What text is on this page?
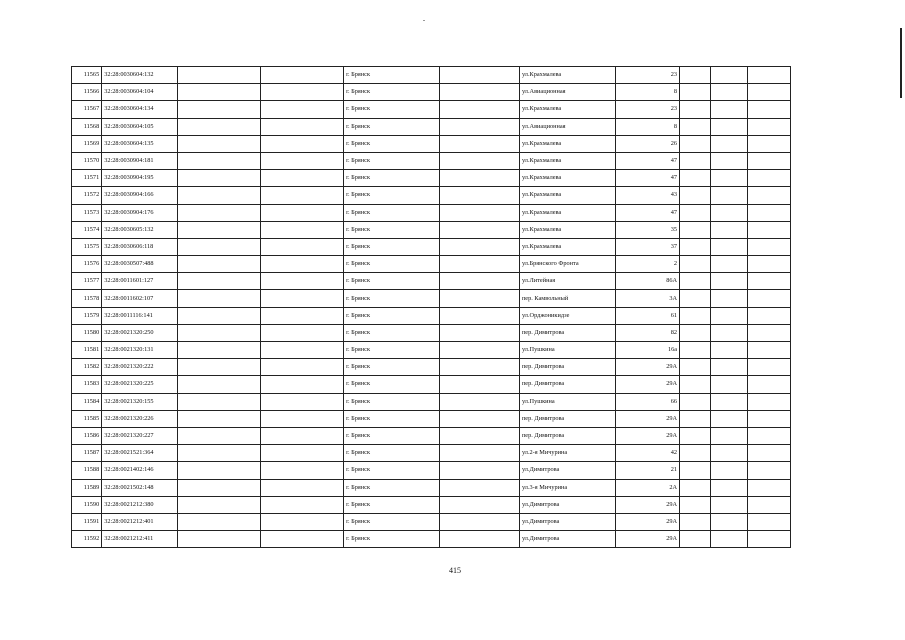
11565	32:28:0030604:132			г. Брянск		ул.Крахмалева	23			
11566	32:28:0030604:104			г. Брянск		ул.Авиационная	8			
11567	32:28:0030604:134			г. Брянск		ул.Крахмалева	23			
11568	32:28:0030604:105			г. Брянск		ул.Авиационная	8			
11569	32:28:0030604:135			г. Брянск		ул.Крахмалева	26			
11570	32:28:0030904:181			г. Брянск		ул.Крахмалева	47			
11571	32:28:0030904:195			г. Брянск		ул.Крахмалева	47			
11572	32:28:0030904:166			г. Брянск		ул.Крахмалева	43			
11573	32:28:0030904:176			г. Брянск		ул.Крахмалева	47			
11574	32:28:0030605:132			г. Брянск		ул.Крахмалева	35			
11575	32:28:0030606:118			г. Брянск		ул.Крахмалева	37			
11576	32:28:0030507:488			г. Брянск		ул.Брянского Фронта	2			
11577	32:28:0011601:127			г. Брянск		ул.Литейная	86А			
11578	32:28:0011602:107			г. Брянск		пер. Камвольный	3А			
11579	32:28:0011116:141			г. Брянск		ул.Орджоникидзе	61			
11580	32:28:0021320:250			г. Брянск		пер. Димитрова	82			
11581	32:28:0021320:131			г. Брянск		ул.Пушкина	16а			
11582	32:28:0021320:222			г. Брянск		пер. Димитрова	29А			
11583	32:28:0021320:225			г. Брянск		пер. Димитрова	29А			
11584	32:28:0021320:155			г. Брянск		ул.Пушкина	66			
11585	32:28:0021320:226			г. Брянск		пер. Димитрова	29А			
11586	32:28:0021320:227			г. Брянск		пер. Димитрова	29А			
11587	32:28:0021521:364			г. Брянск		ул.2-я Мичурина	42			
11588	32:28:0021402:146			г. Брянск		ул.Димитрова	21			
11589	32:28:0021502:148			г. Брянск		ул.3-я Мичурина	2А			
11590	32:28:0021212:380			г. Брянск		ул.Димитрова	29А			
11591	32:28:0021212:401			г. Брянск		ул.Димитрова	29А			
11592	32:28:0021212:411			г. Брянск		ул.Димитрова	29А			
415
